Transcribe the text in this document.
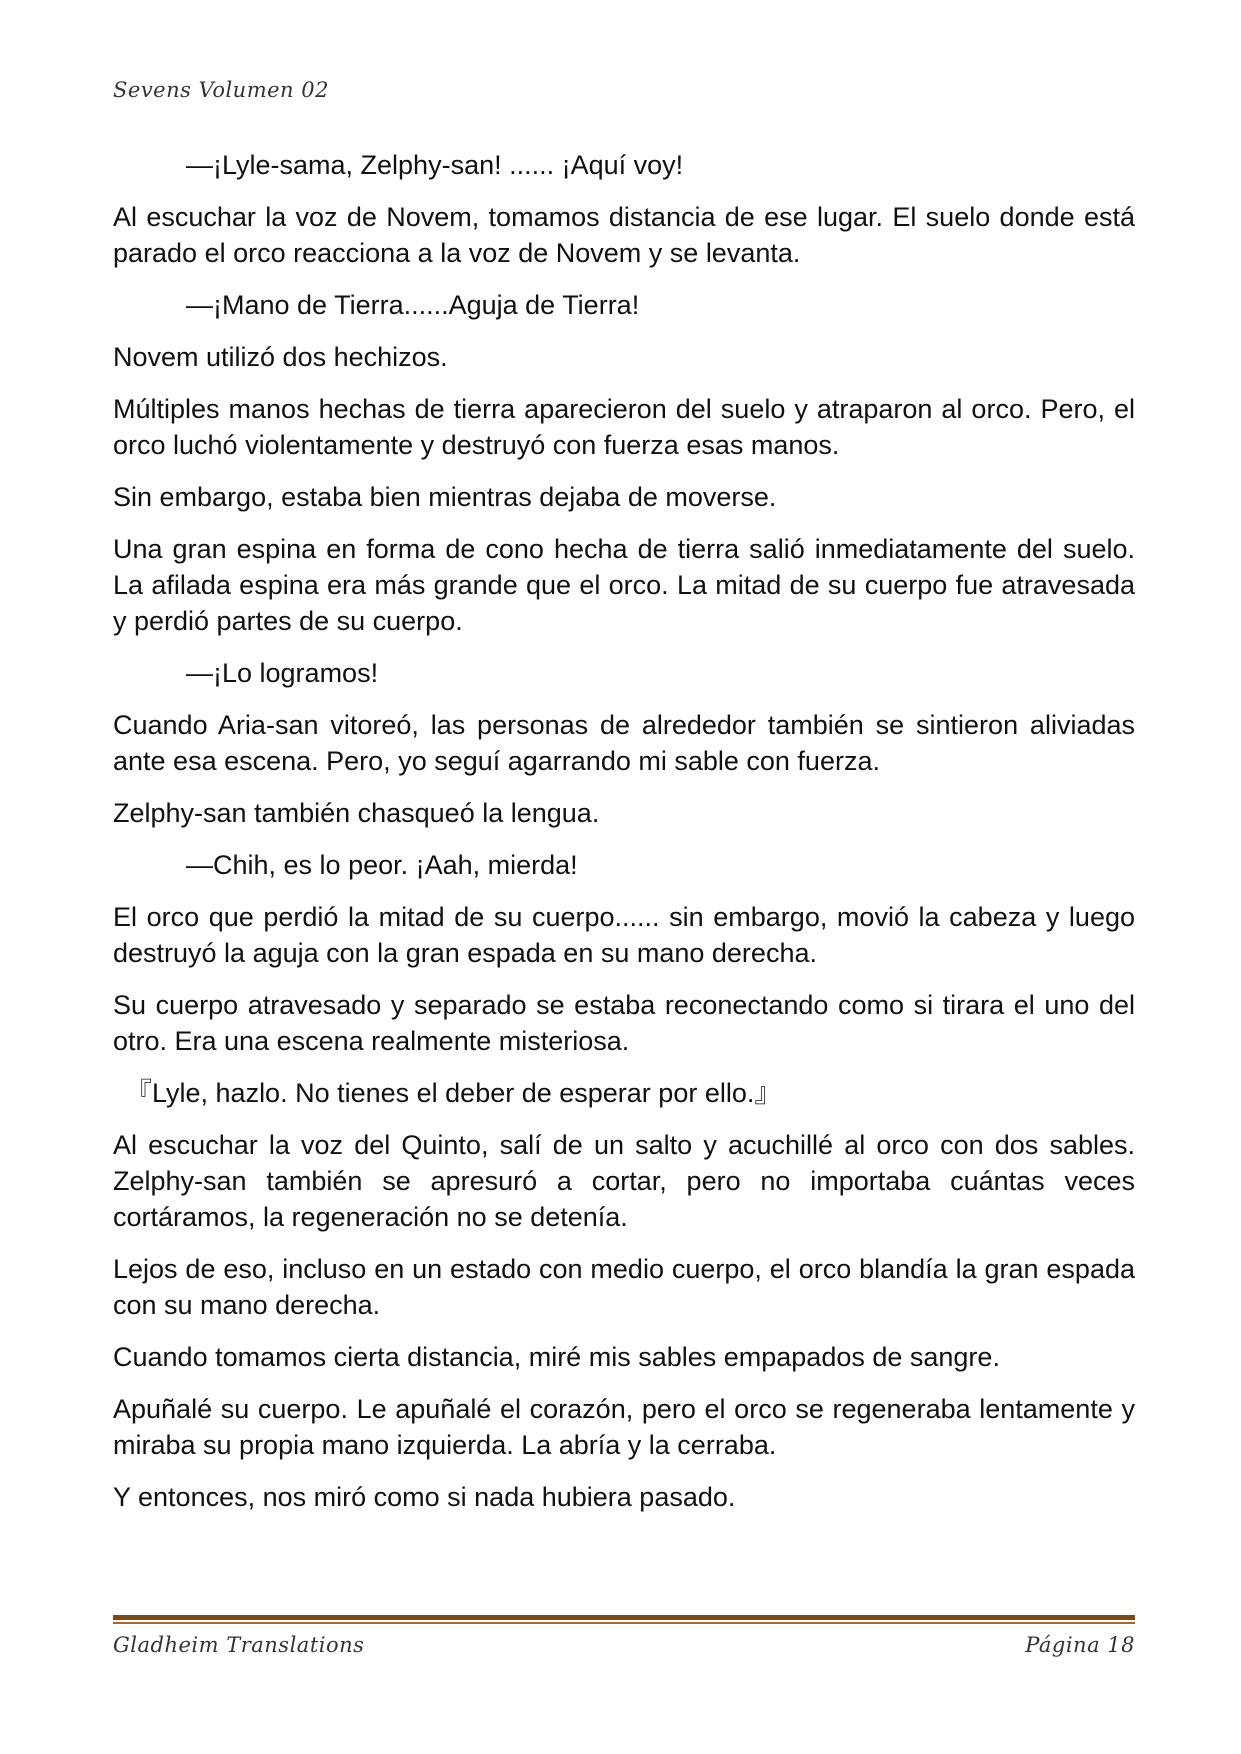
Sevens Volumen 02

—¡Lyle-sama, Zelphy-san! ...... ¡Aquí voy!

Al escuchar la voz de Novem, tomamos distancia de ese lugar. El suelo donde está parado el orco reacciona a la voz de Novem y se levanta.

—¡Mano de Tierra......Aguja de Tierra!

Novem utilizó dos hechizos.

Múltiples manos hechas de tierra aparecieron del suelo y atraparon al orco. Pero, el orco luchó violentamente y destruyó con fuerza esas manos.

Sin embargo, estaba bien mientras dejaba de moverse.

Una gran espina en forma de cono hecha de tierra salió inmediatamente del suelo. La afilada espina era más grande que el orco. La mitad de su cuerpo fue atravesada y perdió partes de su cuerpo.

—¡Lo logramos!

Cuando Aria-san vitoreó, las personas de alrededor también se sintieron aliviadas ante esa escena. Pero, yo seguí agarrando mi sable con fuerza.

Zelphy-san también chasqueó la lengua.

—Chih, es lo peor. ¡Aah, mierda!

El orco que perdió la mitad de su cuerpo...... sin embargo, movió la cabeza y luego destruyó la aguja con la gran espada en su mano derecha.

Su cuerpo atravesado y separado se estaba reconectando como si tirara el uno del otro. Era una escena realmente misteriosa.

『Lyle, hazlo. No tienes el deber de esperar por ello.』

Al escuchar la voz del Quinto, salí de un salto y acuchillé al orco con dos sables. Zelphy-san también se apresuró a cortar, pero no importaba cuántas veces cortáramos, la regeneración no se detenía.

Lejos de eso, incluso en un estado con medio cuerpo, el orco blandía la gran espada con su mano derecha.

Cuando tomamos cierta distancia, miré mis sables empapados de sangre.

Apuñalé su cuerpo. Le apuñalé el corazón, pero el orco se regeneraba lentamente y miraba su propia mano izquierda. La abría y la cerraba.

Y entonces, nos miró como si nada hubiera pasado.

Gladheim Translations	Página 18
